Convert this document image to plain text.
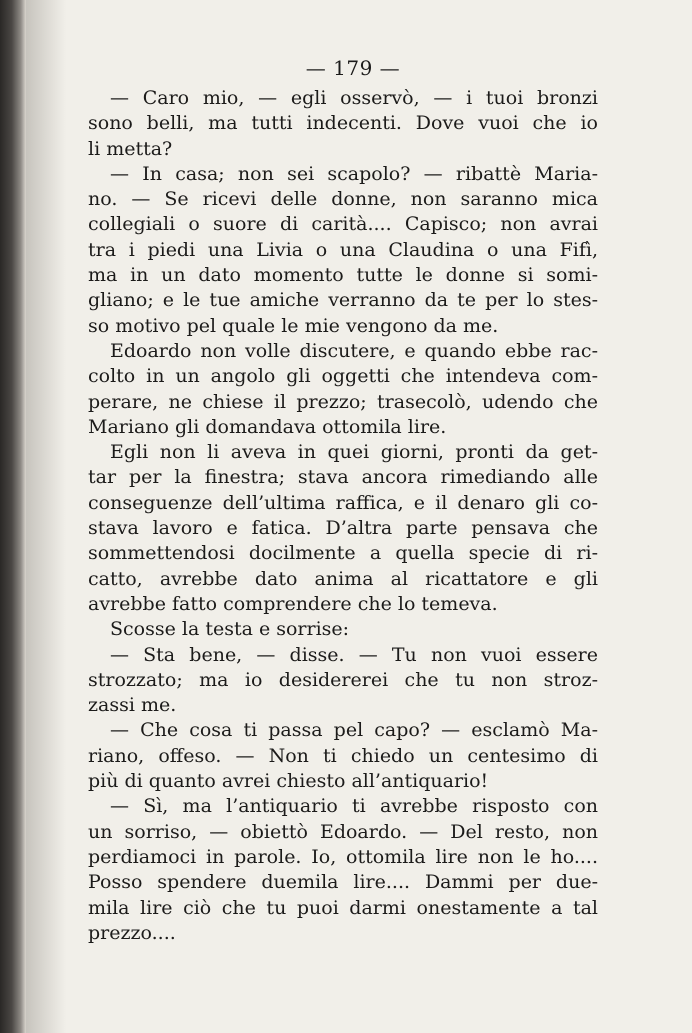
— 179 —

— Caro mio, — egli osservò, — i tuoi bronzi
sono belli, ma tutti indecenti. Dove vuoi che io
li metta?

— In casa; non sei scapolo? — ribattè Maria-
no. — Se ricevi delle donne, non saranno mica
collegiali o suore di carità.... Capisco; non avrai
tra i piedi una Livia o una Claudina o una Fifì,
ma in un dato momento tutte le donne si somi-
gliano; e le tue amiche verranno da te per lo stes-
so motivo pel quale le mie vengono da me.

Edoardo non volle discutere, e quando ebbe rac-
colto in un angolo gli oggetti che intendeva com-
perare, ne chiese il prezzo; trasecolò, udendo che
Mariano gli domandava ottomila lire.

Egli non li aveva in quei giorni, pronti da get-
tar per la finestra; stava ancora rimediando alle
conseguenze dell’ultima raffica, e il denaro gli co-
stava lavoro e fatica. D’altra parte pensava che
sommettendosi docilmente a quella specie di ri-
catto, avrebbe dato anima al ricattatore e gli
avrebbe fatto comprendere che lo temeva.

Scosse la testa e sorrise:

— Sta bene, — disse. — Tu non vuoi essere
strozzato; ma io desidererei che tu non stroz-
zassi me.

— Che cosa ti passa pel capo? — esclamò Ma-
riano, offeso. — Non ti chiedo un centesimo di
più di quanto avrei chiesto all’antiquario!

— Sì, ma l’antiquario ti avrebbe risposto con
un sorriso, — obiettò Edoardo. — Del resto, non
perdiamoci in parole. Io, ottomila lire non le ho....
Posso spendere duemila lire.... Dammi per due-
mila lire ciò che tu puoi darmi onestamente a tal
prezzo....
